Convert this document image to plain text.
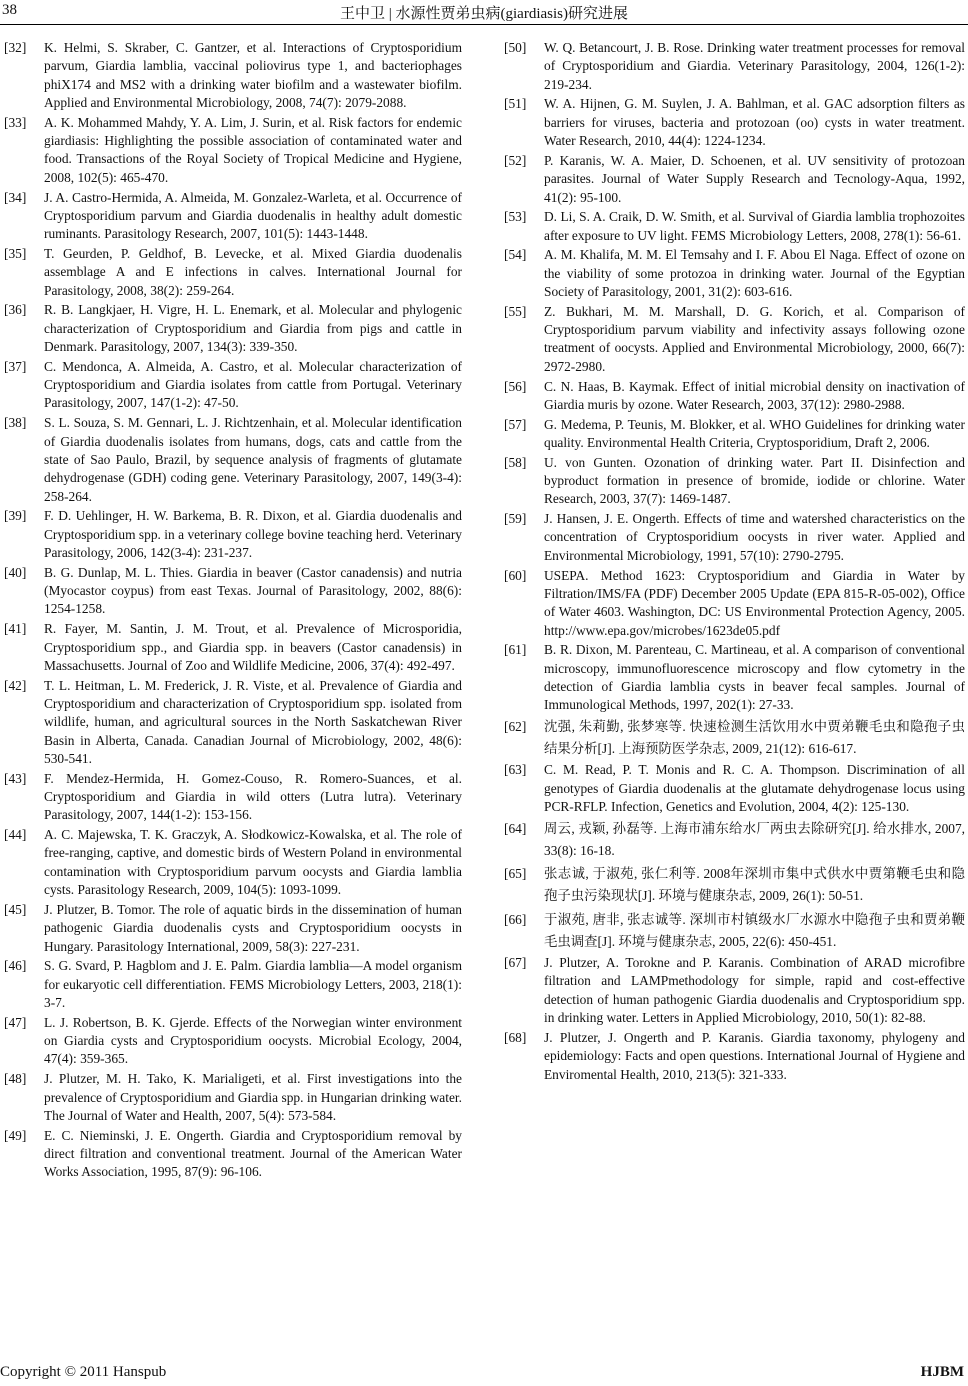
38	王中卫 | 水源性贾弟虫病(giardiasis)研究进展
[32] K. Helmi, S. Skraber, C. Gantzer, et al. Interactions of Cryptosporidium parvum, Giardia lamblia, vaccinal poliovirus type 1, and bacteriophages phiX174 and MS2 with a drinking water biofilm and a wastewater biofilm. Applied and Environmental Microbiology, 2008, 74(7): 2079-2088.
[33] A. K. Mohammed Mahdy, Y. A. Lim, J. Surin, et al. Risk factors for endemic giardiasis: Highlighting the possible association of contaminated water and food. Transactions of the Royal Society of Tropical Medicine and Hygiene, 2008, 102(5): 465-470.
[34] J. A. Castro-Hermida, A. Almeida, M. Gonzalez-Warleta, et al. Occurrence of Cryptosporidium parvum and Giardia duodenalis in healthy adult domestic ruminants. Parasitology Research, 2007, 101(5): 1443-1448.
[35] T. Geurden, P. Geldhof, B. Levecke, et al. Mixed Giardia duodenalis assemblage A and E infections in calves. International Journal for Parasitology, 2008, 38(2): 259-264.
[36] R. B. Langkjaer, H. Vigre, H. L. Enemark, et al. Molecular and phylogenic characterization of Cryptosporidium and Giardia from pigs and cattle in Denmark. Parasitology, 2007, 134(3): 339-350.
[37] C. Mendonca, A. Almeida, A. Castro, et al. Molecular characterization of Cryptosporidium and Giardia isolates from cattle from Portugal. Veterinary Parasitology, 2007, 147(1-2): 47-50.
[38] S. L. Souza, S. M. Gennari, L. J. Richtzenhain, et al. Molecular identification of Giardia duodenalis isolates from humans, dogs, cats and cattle from the state of Sao Paulo, Brazil, by sequence analysis of fragments of glutamate dehydrogenase (GDH) coding gene. Veterinary Parasitology, 2007, 149(3-4): 258-264.
[39] F. D. Uehlinger, H. W. Barkema, B. R. Dixon, et al. Giardia duodenalis and Cryptosporidium spp. in a veterinary college bovine teaching herd. Veterinary Parasitology, 2006, 142(3-4): 231-237.
[40] B. G. Dunlap, M. L. Thies. Giardia in beaver (Castor canadensis) and nutria (Myocastor coypus) from east Texas. Journal of Parasitology, 2002, 88(6): 1254-1258.
[41] R. Fayer, M. Santin, J. M. Trout, et al. Prevalence of Microsporidia, Cryptosporidium spp., and Giardia spp. in beavers (Castor canadensis) in Massachusetts. Journal of Zoo and Wildlife Medicine, 2006, 37(4): 492-497.
[42] T. L. Heitman, L. M. Frederick, J. R. Viste, et al. Prevalence of Giardia and Cryptosporidium and characterization of Cryptosporidium spp. isolated from wildlife, human, and agricultural sources in the North Saskatchewan River Basin in Alberta, Canada. Canadian Journal of Microbiology, 2002, 48(6): 530-541.
[43] F. Mendez-Hermida, H. Gomez-Couso, R. Romero-Suances, et al. Cryptosporidium and Giardia in wild otters (Lutra lutra). Veterinary Parasitology, 2007, 144(1-2): 153-156.
[44] A. C. Majewska, T. K. Graczyk, A. Słodkowicz-Kowalska, et al. The role of free-ranging, captive, and domestic birds of Western Poland in environmental contamination with Cryptosporidium parvum oocysts and Giardia lamblia cysts. Parasitology Research, 2009, 104(5): 1093-1099.
[45] J. Plutzer, B. Tomor. The role of aquatic birds in the dissemination of human pathogenic Giardia duodenalis cysts and Cryptosporidium oocysts in Hungary. Parasitology International, 2009, 58(3): 227-231.
[46] S. G. Svard, P. Hagblom and J. E. Palm. Giardia lamblia—A model organism for eukaryotic cell differentiation. FEMS Microbiology Letters, 2003, 218(1): 3-7.
[47] L. J. Robertson, B. K. Gjerde. Effects of the Norwegian winter environment on Giardia cysts and Cryptosporidium oocysts. Microbial Ecology, 2004, 47(4): 359-365.
[48] J. Plutzer, M. H. Tako, K. Marialigeti, et al. First investigations into the prevalence of Cryptosporidium and Giardia spp. in Hungarian drinking water. The Journal of Water and Health, 2007, 5(4): 573-584.
[49] E. C. Nieminski, J. E. Ongerth. Giardia and Cryptosporidium removal by direct filtration and conventional treatment. Journal of the American Water Works Association, 1995, 87(9): 96-106.
[50] W. Q. Betancourt, J. B. Rose. Drinking water treatment processes for removal of Cryptosporidium and Giardia. Veterinary Parasitology, 2004, 126(1-2): 219-234.
[51] W. A. Hijnen, G. M. Suylen, J. A. Bahlman, et al. GAC adsorption filters as barriers for viruses, bacteria and protozoan (oo) cysts in water treatment. Water Research, 2010, 44(4): 1224-1234.
[52] P. Karanis, W. A. Maier, D. Schoenen, et al. UV sensitivity of protozoan parasites. Journal of Water Supply Research and Tecnology-Aqua, 1992, 41(2): 95-100.
[53] D. Li, S. A. Craik, D. W. Smith, et al. Survival of Giardia lamblia trophozoites after exposure to UV light. FEMS Microbiology Letters, 2008, 278(1): 56-61.
[54] A. M. Khalifa, M. M. El Temsahy and I. F. Abou El Naga. Effect of ozone on the viability of some protozoa in drinking water. Journal of the Egyptian Society of Parasitology, 2001, 31(2): 603-616.
[55] Z. Bukhari, M. M. Marshall, D. G. Korich, et al. Comparison of Cryptosporidium parvum viability and infectivity assays following ozone treatment of oocysts. Applied and Environmental Microbiology, 2000, 66(7): 2972-2980.
[56] C. N. Haas, B. Kaymak. Effect of initial microbial density on inactivation of Giardia muris by ozone. Water Research, 2003, 37(12): 2980-2988.
[57] G. Medema, P. Teunis, M. Blokker, et al. WHO Guidelines for drinking water quality. Environmental Health Criteria, Cryptosporidium, Draft 2, 2006.
[58] U. von Gunten. Ozonation of drinking water. Part II. Disinfection and byproduct formation in presence of bromide, iodide or chlorine. Water Research, 2003, 37(7): 1469-1487.
[59] J. Hansen, J. E. Ongerth. Effects of time and watershed characteristics on the concentration of Cryptosporidium oocysts in river water. Applied and Environmental Microbiology, 1991, 57(10): 2790-2795.
[60] USEPA. Method 1623: Cryptosporidium and Giardia in Water by Filtration/IMS/FA (PDF) December 2005 Update (EPA 815-R-05-002), Office of Water 4603. Washington, DC: US Environmental Protection Agency, 2005. http://www.epa.gov/microbes/1623de05.pdf
[61] B. R. Dixon, M. Parenteau, C. Martineau, et al. A comparison of conventional microscopy, immunofluorescence microscopy and flow cytometry in the detection of Giardia lamblia cysts in beaver fecal samples. Journal of Immunological Methods, 1997, 202(1): 27-33.
[62] 沈强, 朱莉勤, 张梦寒等. 快速检测生活饮用水中贾弟鞭毛虫和隐孢子虫结果分析[J]. 上海预防医学杂志, 2009, 21(12): 616-617.
[63] C. M. Read, P. T. Monis and R. C. A. Thompson. Discrimination of all genotypes of Giardia duodenalis at the glutamate dehydrogenase locus using PCR-RFLP. Infection, Genetics and Evolution, 2004, 4(2): 125-130.
[64] 周云, 戎颖, 孙磊等. 上海市浦东给水厂两虫去除研究[J]. 给水排水, 2007, 33(8): 16-18.
[65] 张志诚, 于淑苑, 张仁利等. 2008年深圳市集中式供水中贾第鞭毛虫和隐孢子虫污染现状[J]. 环境与健康杂志, 2009, 26(1): 50-51.
[66] 于淑苑, 唐非, 张志诚等. 深圳市村镇级水厂水源水中隐孢子虫和贾弟鞭毛虫调查[J]. 环境与健康杂志, 2005, 22(6): 450-451.
[67] J. Plutzer, A. Torokne and P. Karanis. Combination of ARAD microfibre filtration and LAMPmethodology for simple, rapid and cost-effective detection of human pathogenic Giardia duodenalis and Cryptosporidium spp. in drinking water. Letters in Applied Microbiology, 2010, 50(1): 82-88.
[68] J. Plutzer, J. Ongerth and P. Karanis. Giardia taxonomy, phylogeny and epidemiology: Facts and open questions. International Journal of Hygiene and Enviromental Health, 2010, 213(5): 321-333.
Copyright © 2011 Hanspub	HJBM
